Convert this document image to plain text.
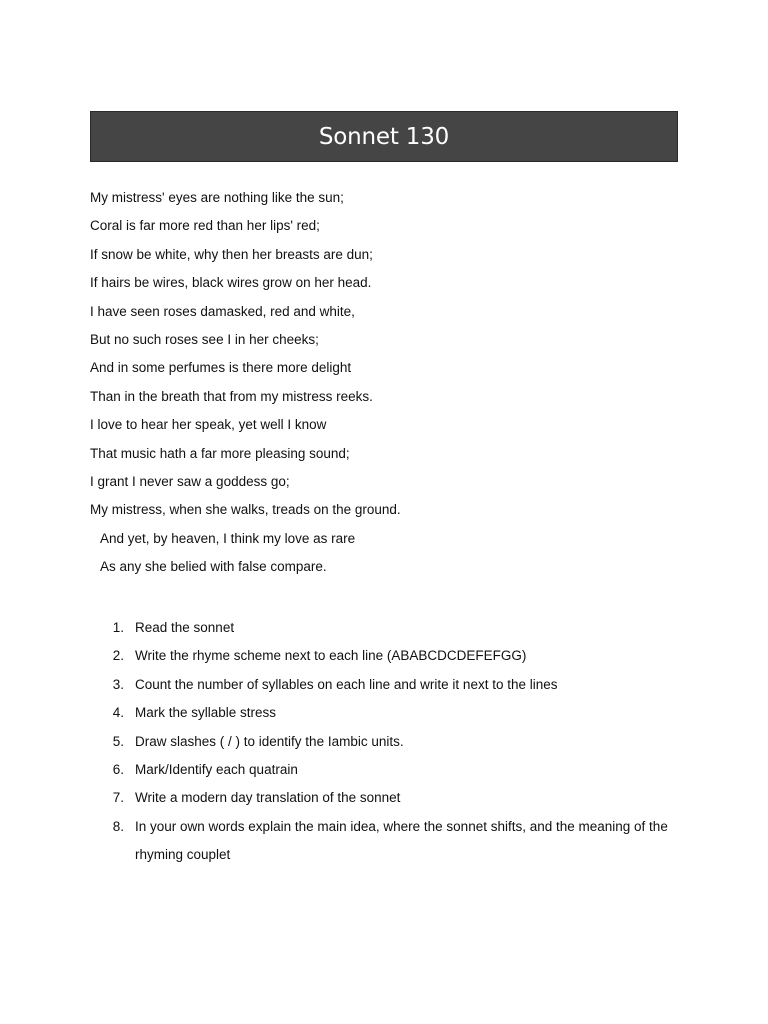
Sonnet 130
My mistress' eyes are nothing like the sun;
Coral is far more red than her lips' red;
If snow be white, why then her breasts are dun;
If hairs be wires, black wires grow on her head.
I have seen roses damasked, red and white,
But no such roses see I in her cheeks;
And in some perfumes is there more delight
Than in the breath that from my mistress reeks.
I love to hear her speak, yet well I know
That music hath a far more pleasing sound;
I grant I never saw a goddess go;
My mistress, when she walks, treads on the ground.
And yet, by heaven, I think my love as rare
As any she belied with false compare.
1. Read the sonnet
2. Write the rhyme scheme next to each line (ABABCDCDEFEFGG)
3. Count the number of syllables on each line and write it next to the lines
4. Mark the syllable stress
5. Draw slashes ( / ) to identify the Iambic units.
6. Mark/Identify each quatrain
7. Write a modern day translation of the sonnet
8. In your own words explain the main idea, where the sonnet shifts, and the meaning of the rhyming couplet
